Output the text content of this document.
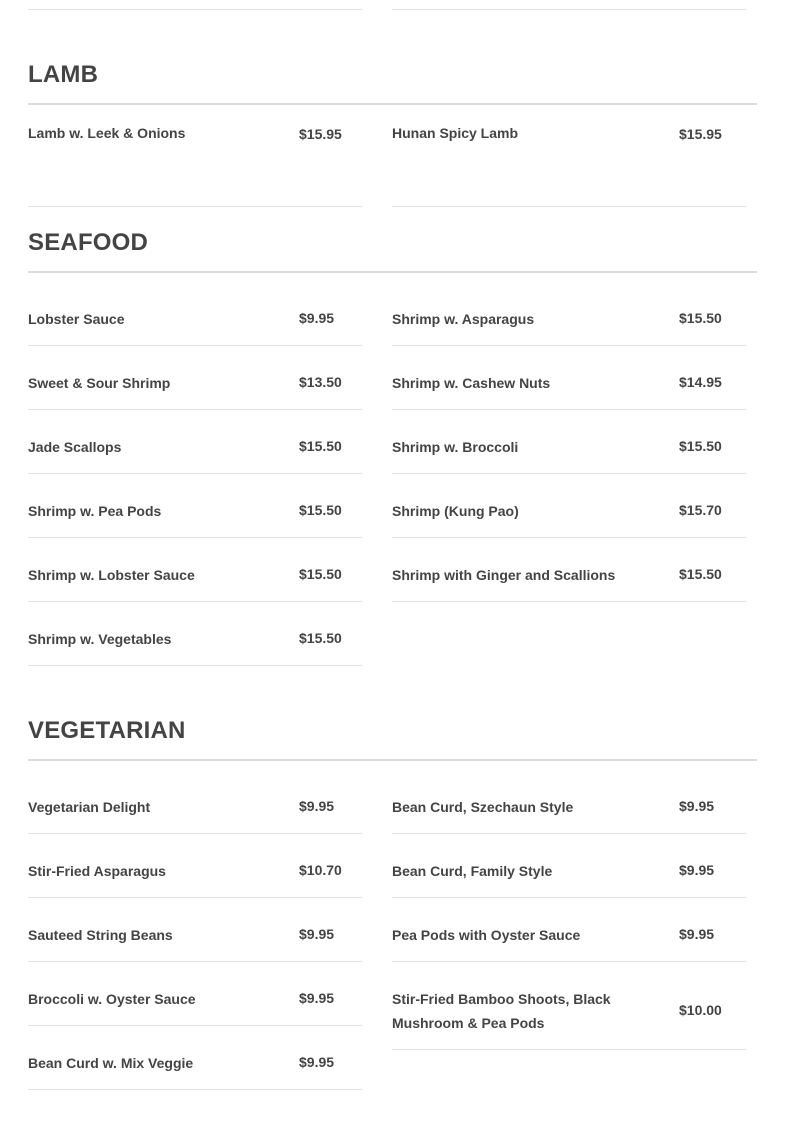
LAMB
Lamb w. Leek & Onions	$15.95	Hunan Spicy Lamb	$15.95
SEAFOOD
Lobster Sauce	$9.95
Sweet & Sour Shrimp	$13.50
Jade Scallops	$15.50
Shrimp w. Pea Pods	$15.50
Shrimp w. Lobster Sauce	$15.50
Shrimp w. Vegetables	$15.50
Shrimp w. Asparagus	$15.50
Shrimp w. Cashew Nuts	$14.95
Shrimp w. Broccoli	$15.50
Shrimp (Kung Pao)	$15.70
Shrimp with Ginger and Scallions	$15.50
VEGETARIAN
Vegetarian Delight	$9.95
Stir-Fried Asparagus	$10.70
Sauteed String Beans	$9.95
Broccoli w. Oyster Sauce	$9.95
Bean Curd w. Mix Veggie	$9.95
Bean Curd, Szechaun Style	$9.95
Bean Curd, Family Style	$9.95
Pea Pods with Oyster Sauce	$9.95
Stir-Fried Bamboo Shoots, Black Mushroom & Pea Pods
$10.00
